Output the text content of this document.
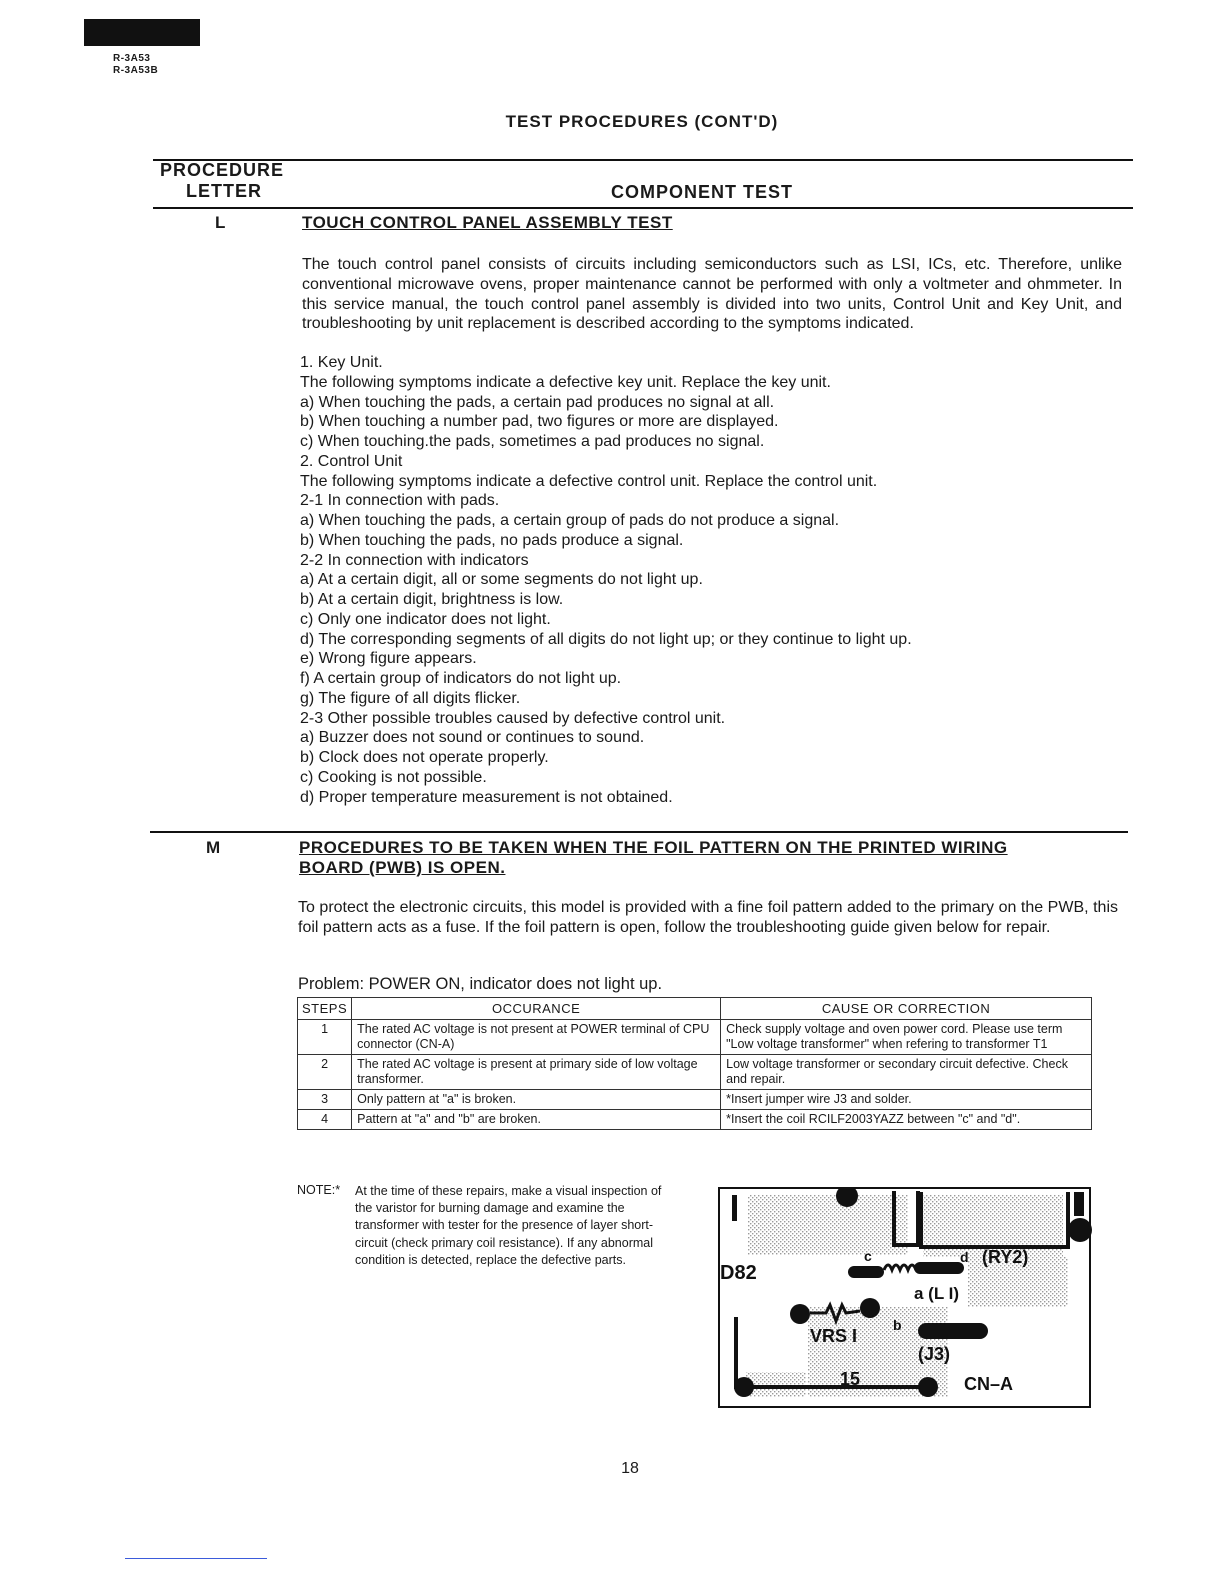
R-3A53
R-3A53B
TEST PROCEDURES (CONT'D)
PROCEDURE
LETTER	COMPONENT TEST
L	TOUCH CONTROL PANEL ASSEMBLY TEST
The touch control panel consists of circuits including semiconductors such as LSI, ICs, etc. Therefore, unlike conventional microwave ovens, proper maintenance cannot be performed with only a voltmeter and ohmmeter. In this service manual, the touch control panel assembly is divided into two units, Control Unit and Key Unit, and troubleshooting by unit replacement is described according to the symptoms indicated.
1. Key Unit.
The following symptoms indicate a defective key unit. Replace the key unit.
a) When touching the pads, a certain pad produces no signal at all.
b) When touching a number pad, two figures or more are displayed.
c) When touching.the pads, sometimes a pad produces no signal.
2. Control Unit
The following symptoms indicate a defective control unit. Replace the control unit.
2-1 In connection with pads.
a) When touching the pads, a certain group of pads do not produce a signal.
b) When touching the pads, no pads produce a signal.
2-2 In connection with indicators
a) At a certain digit, all or some segments do not light up.
b) At a certain digit, brightness is low.
c) Only one indicator does not light.
d) The corresponding segments of all digits do not light up; or they continue to light up.
e) Wrong figure appears.
f) A certain group of indicators do not light up.
g) The figure of all digits flicker.
2-3 Other possible troubles caused by defective control unit.
a) Buzzer does not sound or continues to sound.
b) Clock does not operate properly.
c) Cooking is not possible.
d) Proper temperature measurement is not obtained.
M	PROCEDURES TO BE TAKEN WHEN THE FOIL PATTERN ON THE PRINTED WIRING
BOARD (PWB) IS OPEN.
To protect the electronic circuits, this model is provided with a fine foil pattern added to the primary on the PWB, this foil pattern acts as a fuse. If the foil pattern is open, follow the troubleshooting guide given below for repair.
Problem: POWER ON, indicator does not light up.
STEPS	OCCURANCE	CAUSE OR CORRECTION
1	The rated AC voltage is not present at POWER terminal of CPU connector (CN-A)	Check supply voltage and oven power cord. Please use term "Low voltage transformer" when refering to transformer T1
2	The rated AC voltage is present at primary side of low voltage transformer.	Low voltage transformer or secondary circuit defective. Check and repair.
3	Only pattern at "a" is broken.	*Insert jumper wire J3 and solder.
4	Pattern at "a" and "b" are broken.	*Insert the coil RCILF2003YAZZ between "c" and "d".
NOTE:* At the time of these repairs, make a visual inspection of the varistor for burning damage and examine the transformer with tester for the presence of layer short-circuit (check primary coil resistance). If any abnormal condition is detected, replace the defective parts.
D82
c	d (RY2)
a (L I)
b
VRS I
(J3)
15	CN–A
18
